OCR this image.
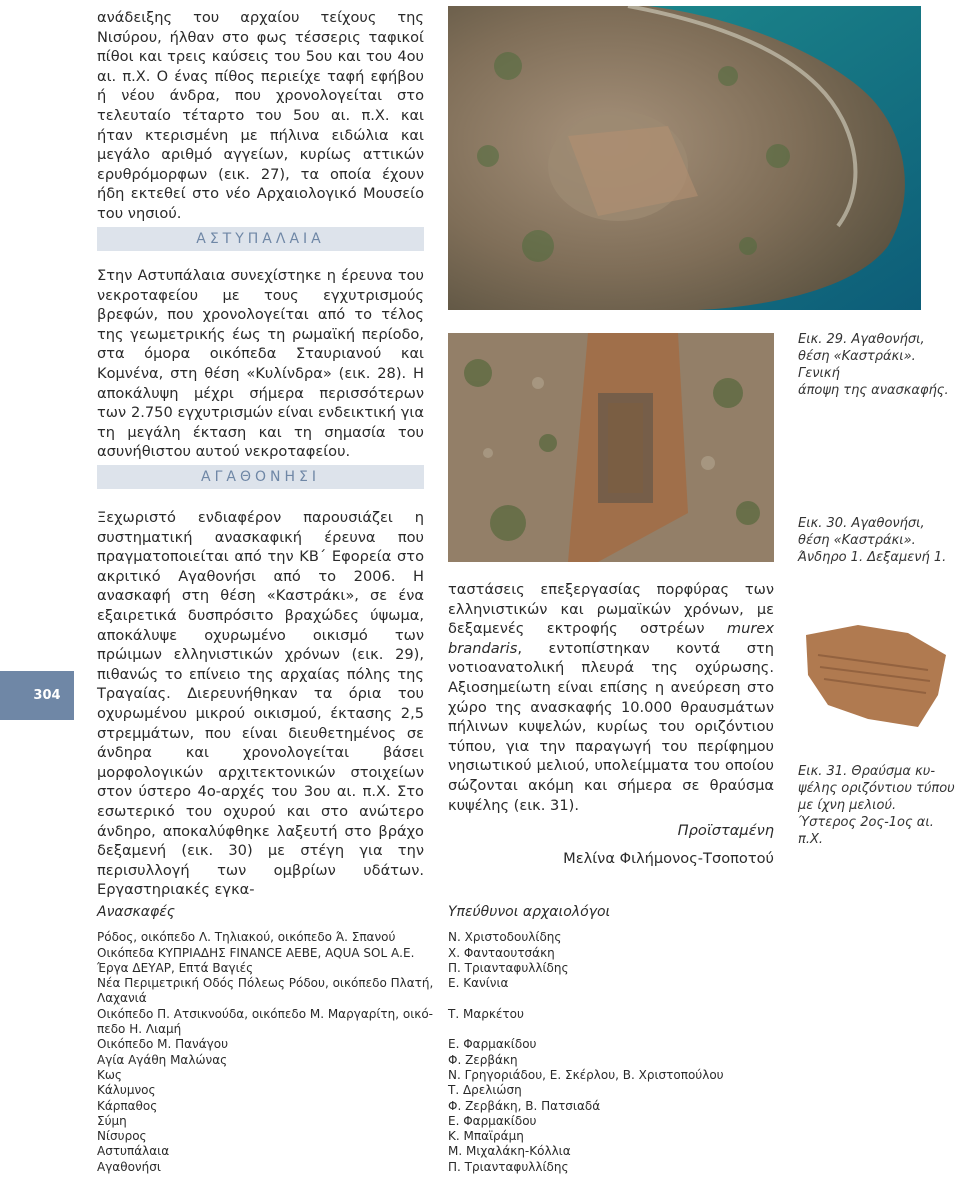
304

ανάδειξης του αρχαίου τείχους της Νισύρου, ήλθαν στο φως τέσσερις ταφικοί πίθοι και τρεις καύσεις του 5ου και του 4ου αι. π.Χ. Ο ένας πίθος περιείχε ταφή εφήβου ή νέου άνδρα, που χρονολογείται στο τελευταίο τέταρτο του 5ου αι. π.Χ. και ήταν κτερισμένη με πήλινα ειδώλια και μεγάλο αριθμό αγγείων, κυρίως αττικών ερυθρόμορφων (εικ. 27), τα οποία έχουν ήδη εκτεθεί στο νέο Αρχαιολογικό Μουσείο του νησιού.

ΑΣΤΥΠΑΛΑΙΑ

Στην Αστυπάλαια συνεχίστηκε η έρευνα του νεκροταφείου με τους εγχυτρισμούς βρεφών, που χρονολογείται από το τέλος της γεωμετρικής έως τη ρωμαϊκή περίοδο, στα όμορα οικόπεδα Σταυριανού και Κομνένα, στη θέση «Κυλίνδρα» (εικ. 28). Η αποκάλυψη μέχρι σήμερα περισσότερων των 2.750 εγχυτρισμών είναι ενδεικτική για τη μεγάλη έκταση και τη σημασία του ασυνήθιστου αυτού νεκροταφείου.

ΑΓΑΘΟΝΗΣΙ

Ξεχωριστό ενδιαφέρον παρουσιάζει η συστηματική ανασκαφική έρευνα που πραγματοποιείται από την ΚΒ΄ Εφορεία στο ακριτικό Αγαθονήσι από το 2006. Η ανασκαφή στη θέση «Καστράκι», σε ένα εξαιρετικά δυσπρόσιτο βραχώδες ύψωμα, αποκάλυψε οχυρωμένο οικισμό των πρώιμων ελληνιστικών χρόνων (εικ. 29), πιθανώς το επίνειο της αρχαίας πόλης της Τραγαίας. Διερευνήθηκαν τα όρια του οχυρωμένου μικρού οικισμού, έκτασης 2,5 στρεμμάτων, που είναι διευθετημένος σε άνδηρα και χρονολογείται βάσει μορφολογικών αρχιτεκτονικών στοιχείων στον ύστερο 4ο-αρχές του 3ου αι. π.Χ. Στο εσωτερικό του οχυρού και στο ανώτερο άνδηρο, αποκαλύφθηκε λαξευτή στο βράχο δεξαμενή (εικ. 30) με στέγη για την περισυλλογή των ομβρίων υδάτων. Εργαστηριακές εγκα-

Εικ. 29. Αγαθονήσι,
θέση «Καστράκι». Γενική
άποψη της ανασκαφής.
Εικ. 30. Αγαθονήσι,
θέση «Καστράκι».
Άνδηρο 1. Δεξαμενή 1.
Εικ. 31. Θραύσμα κυ-
ψέλης οριζόντιου τύπου
με ίχνη μελιού.
Ύστερος 2ος-1ος αι. π.Χ.

ταστάσεις επεξεργασίας πορφύρας των ελληνιστικών και ρωμαϊκών χρόνων, με δεξαμενές εκτροφής οστρέων murex brandaris, εντοπίστηκαν κοντά στη νοτιοανατολική πλευρά της οχύρωσης. Αξιοσημείωτη είναι επίσης η ανεύρεση στο χώρο της ανασκαφής 10.000 θραυσμάτων πήλινων κυψελών, κυρίως του οριζόντιου τύπου, για την παραγωγή του περίφημου νησιωτικού μελιού, υπολείμματα του οποίου σώζονται ακόμη και σήμερα σε θραύσμα κυψέλης (εικ. 31).

Προϊσταμένη
Μελίνα Φιλήμονος-Τσοποτού
Ανασκαφές
Ρόδος, οικόπεδο Λ. Τηλιακού, οικόπεδο Ά. Σπανού
Οικόπεδα ΚΥΠΡΙΑΔΗΣ FINANCE ΑΕΒΕ, AQUA SOL Α.Ε.
Έργα ΔΕΥΑΡ, Επτά Βαγιές
Νέα Περιμετρική Οδός Πόλεως Ρόδου, οικόπεδο Πλατή,
Λαχανιά
Οικόπεδο Π. Ατσικνούδα, οικόπεδο Μ. Μαργαρίτη, οικό-
πεδο Η. Λιαμή
Οικόπεδο Μ. Πανάγου
Αγία Αγάθη Μαλώνας
Κως
Κάλυμνος
Κάρπαθος
Σύμη
Νίσυρος
Αστυπάλαια
Αγαθονήσι
Υπεύθυνοι αρχαιολόγοι
Ν. Χριστοδουλίδης
Χ. Φανταουτσάκη
Π. Τριανταφυλλίδης
Ε. Κανίνια

Τ. Μαρκέτου

Ε. Φαρμακίδου
Φ. Ζερβάκη
Ν. Γρηγοριάδου, Ε. Σκέρλου, Β. Χριστοπούλου
Τ. Δρελιώση
Φ. Ζερβάκη, Β. Πατσιαδά
Ε. Φαρμακίδου
Κ. Μπαϊράμη
Μ. Μιχαλάκη-Κόλλια
Π. Τριανταφυλλίδης
